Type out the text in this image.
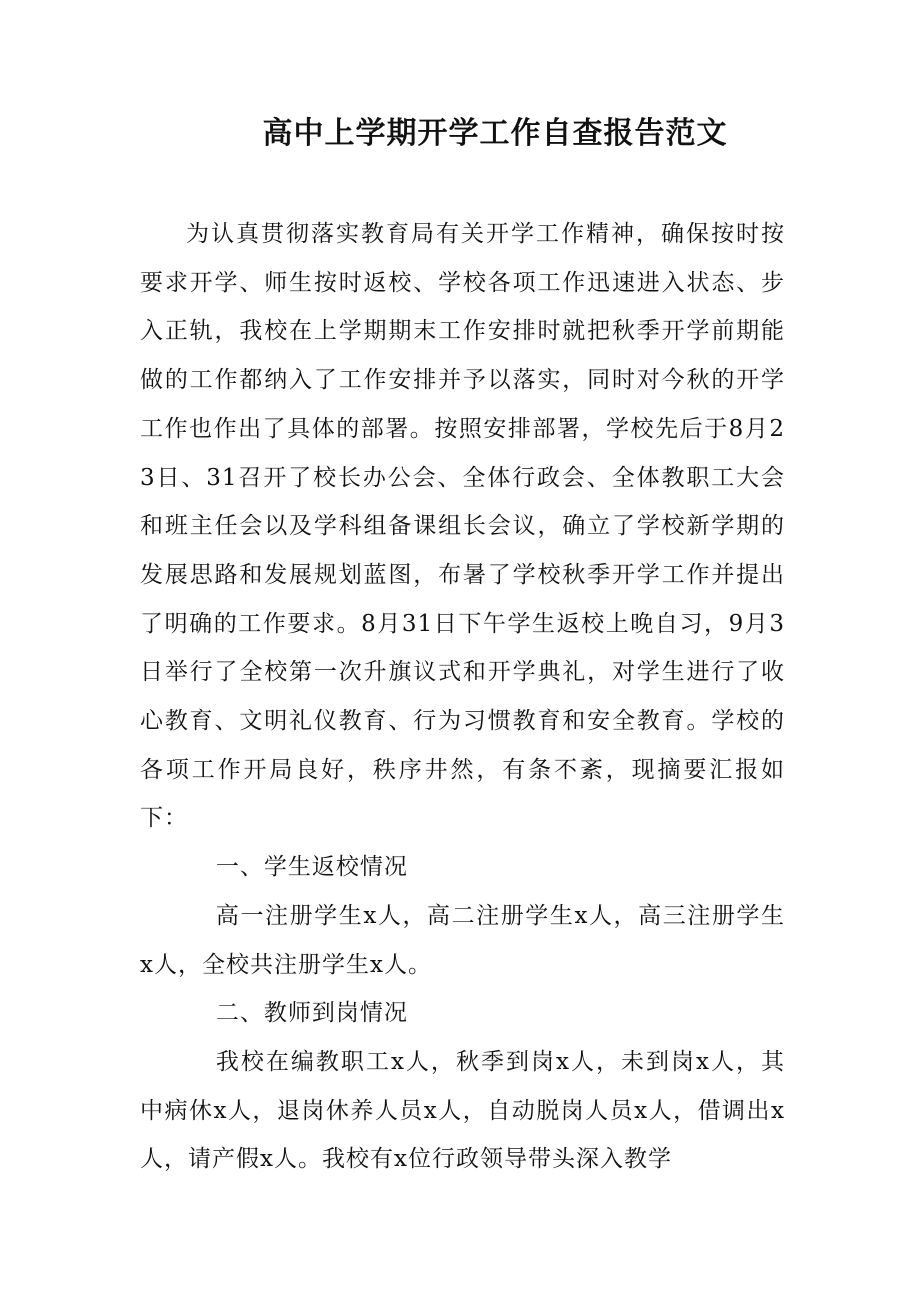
高中上学期开学工作自查报告范文

为认真贯彻落实教育局有关开学工作精神，确保按时按要求开学、师生按时返校、学校各项工作迅速进入状态、步入正轨，我校在上学期期末工作安排时就把秋季开学前期能做的工作都纳入了工作安排并予以落实，同时对今秋的开学工作也作出了具体的部署。按照安排部署，学校先后于8月23日、31召开了校长办公会、全体行政会、全体教职工大会和班主任会以及学科组备课组长会议，确立了学校新学期的发展思路和发展规划蓝图，布暑了学校秋季开学工作并提出了明确的工作要求。8月31日下午学生返校上晚自习，9月3日举行了全校第一次升旗议式和开学典礼，对学生进行了收心教育、文明礼仪教育、行为习惯教育和安全教育。学校的各项工作开局良好，秩序井然，有条不紊，现摘要汇报如下：

一、学生返校情况

高一注册学生x人，高二注册学生x人，高三注册学生x人，全校共注册学生x人。

二、教师到岗情况

我校在编教职工x人，秋季到岗x人，未到岗x人，其中病休x人，退岗休养人员x人，自动脱岗人员x人，借调出x人，请产假x人。我校有x位行政领导带头深入教学
